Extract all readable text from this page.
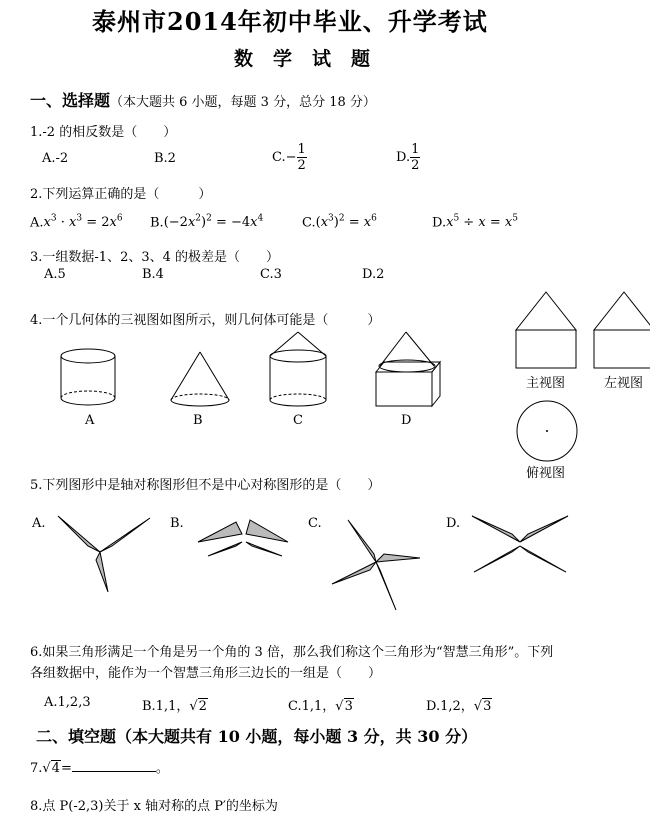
泰州市2014年初中毕业、升学考试
数学试题
一、选择题（本大题共 6 小题，每题 3 分，总分 18 分）
1.-2 的相反数是（　　）
A.-2	B.2	$C.- \frac{1}{2}$	D. $\frac{1}{2}$
2.下列运算正确的是（　　　）
$A.x^3 \cdot x^3 = 2x^6$ $B.(-2x^2)^2 = -4x^4$	$C.(x^3)^2 = x^6$	$D.x^5 \div x = x^5$
3.一组数据-1、2、3、4 的极差是（　　）
A.5	B.4	C.3	D.2
4.一个几何体的三视图如图所示，则几何体可能是（　　　）
A	B	C	D
主视图	左视图
俯视图
5.下列图形中是轴对称图形但不是中心对称图形的是（　　）
A.	B.	C.	D.
6.如果三角形满足一个角是另一个角的 3 倍，那么我们称这个三角形为“智慧三角形”。下列
各组数据中，能作为一个智慧三角形三边长的一组是（　　）
A.1,2,3	B.1,1，√2	C.1,1，√3	D.1,2，√3
二、填空题（本大题共有 10 小题，每小题 3 分，共 30 分）
7.√4=	。
8.点 P(-2,3)关于 x 轴对称的点 P′的坐标为
